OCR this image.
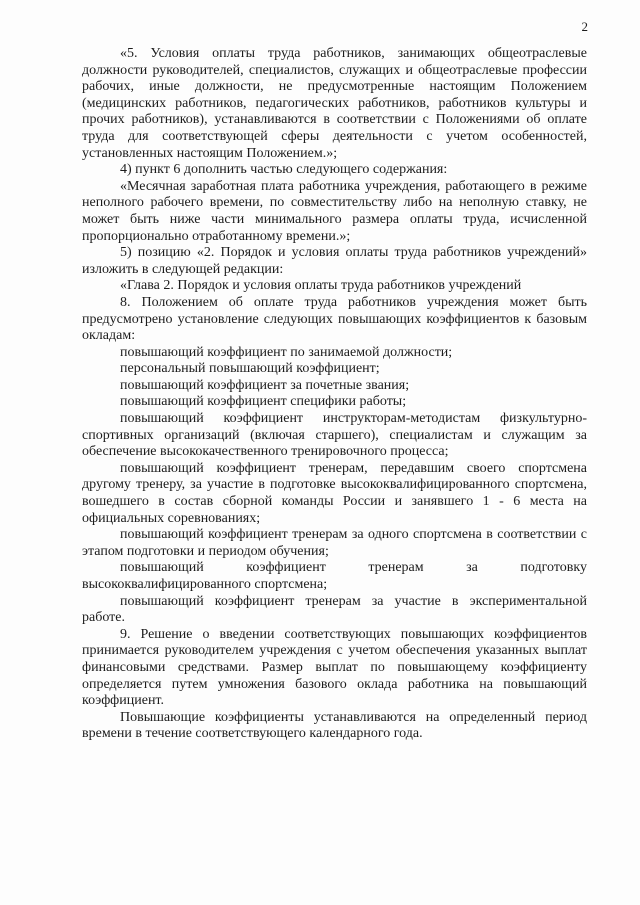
2

«5. Условия оплаты труда работников, занимающих общеотраслевые должности руководителей, специалистов, служащих и общеотраслевые профессии рабочих, иные должности, не предусмотренные настоящим Положением (медицинских работников, педагогических работников, работников культуры и прочих работников), устанавливаются в соответствии с Положениями об оплате труда для соответствующей сферы деятельности с учетом особенностей, установленных настоящим Положением.»;

4) пункт 6 дополнить частью следующего содержания:

«Месячная заработная плата работника учреждения, работающего в режиме неполного рабочего времени, по совместительству либо на неполную ставку, не может быть ниже части минимального размера оплаты труда, исчисленной пропорционально отработанному времени.»;

5) позицию «2. Порядок и условия оплаты труда работников учреждений» изложить в следующей редакции:

«Глава 2. Порядок и условия оплаты труда работников учреждений

8. Положением об оплате труда работников учреждения может быть предусмотрено установление следующих повышающих коэффициентов к базовым окладам:

повышающий коэффициент по занимаемой должности;

персональный повышающий коэффициент;

повышающий коэффициент за почетные звания;

повышающий коэффициент специфики работы;

повышающий коэффициент инструкторам-методистам физкультурно-спортивных организаций (включая старшего), специалистам и служащим за обеспечение высококачественного тренировочного процесса;

повышающий коэффициент тренерам, передавшим своего спортсмена другому тренеру, за участие в подготовке высококвалифицированного спортсмена, вошедшего в состав сборной команды России и занявшего 1 - 6 места на официальных соревнованиях;

повышающий коэффициент тренерам за одного спортсмена в соответствии с этапом подготовки и периодом обучения;

повышающий коэффициент тренерам за подготовку высококвалифицированного спортсмена;

повышающий коэффициент тренерам за участие в экспериментальной работе.

9. Решение о введении соответствующих повышающих коэффициентов принимается руководителем учреждения с учетом обеспечения указанных выплат финансовыми средствами. Размер выплат по повышающему коэффициенту определяется путем умножения базового оклада работника на повышающий коэффициент.

Повышающие коэффициенты устанавливаются на определенный период времени в течение соответствующего календарного года.
